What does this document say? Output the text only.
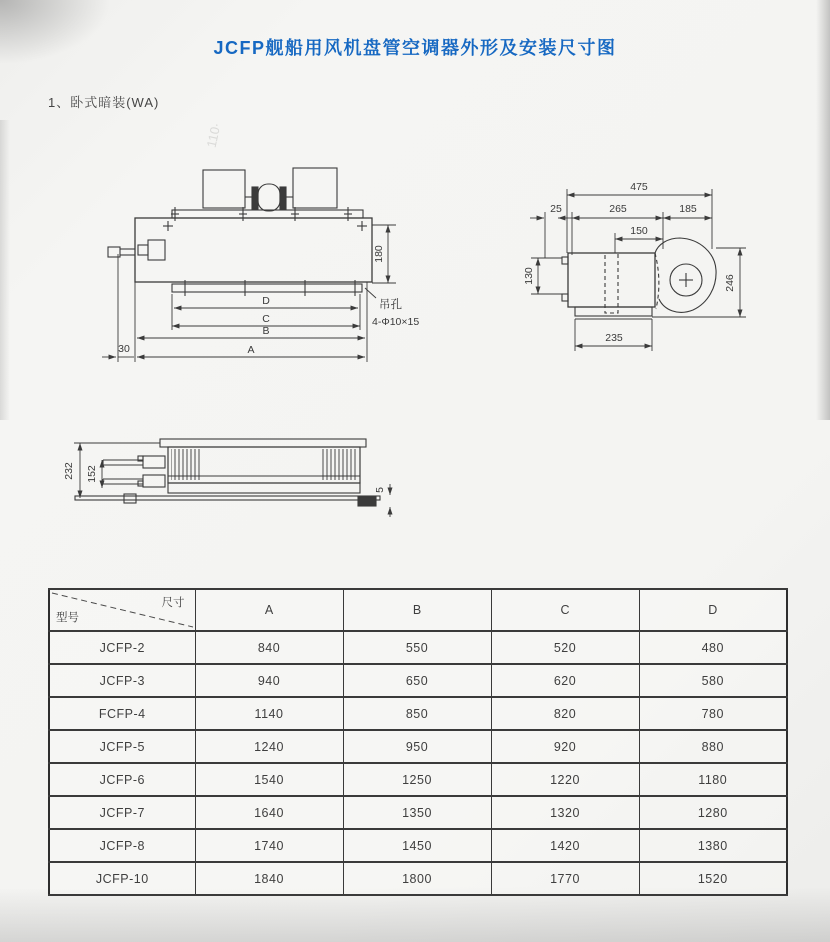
JCFP舰船用风机盘管空调器外形及安装尺寸图
1、卧式暗装(WA)
110·
D
C
B
A
30
180
吊孔
4-Φ10×15
475
25	265	185
150
130	246
235
232 152
5
尺寸
型号	A	B	C	D
JCFP-2	840	550	520	480
JCFP-3	940	650	620	580
FCFP-4	1140	850	820	780
JCFP-5	1240	950	920	880
JCFP-6	1540	1250	1220	1180
JCFP-7	1640	1350	1320	1280
JCFP-8	1740	1450	1420	1380
JCFP-10	1840	1800	1770	1520
